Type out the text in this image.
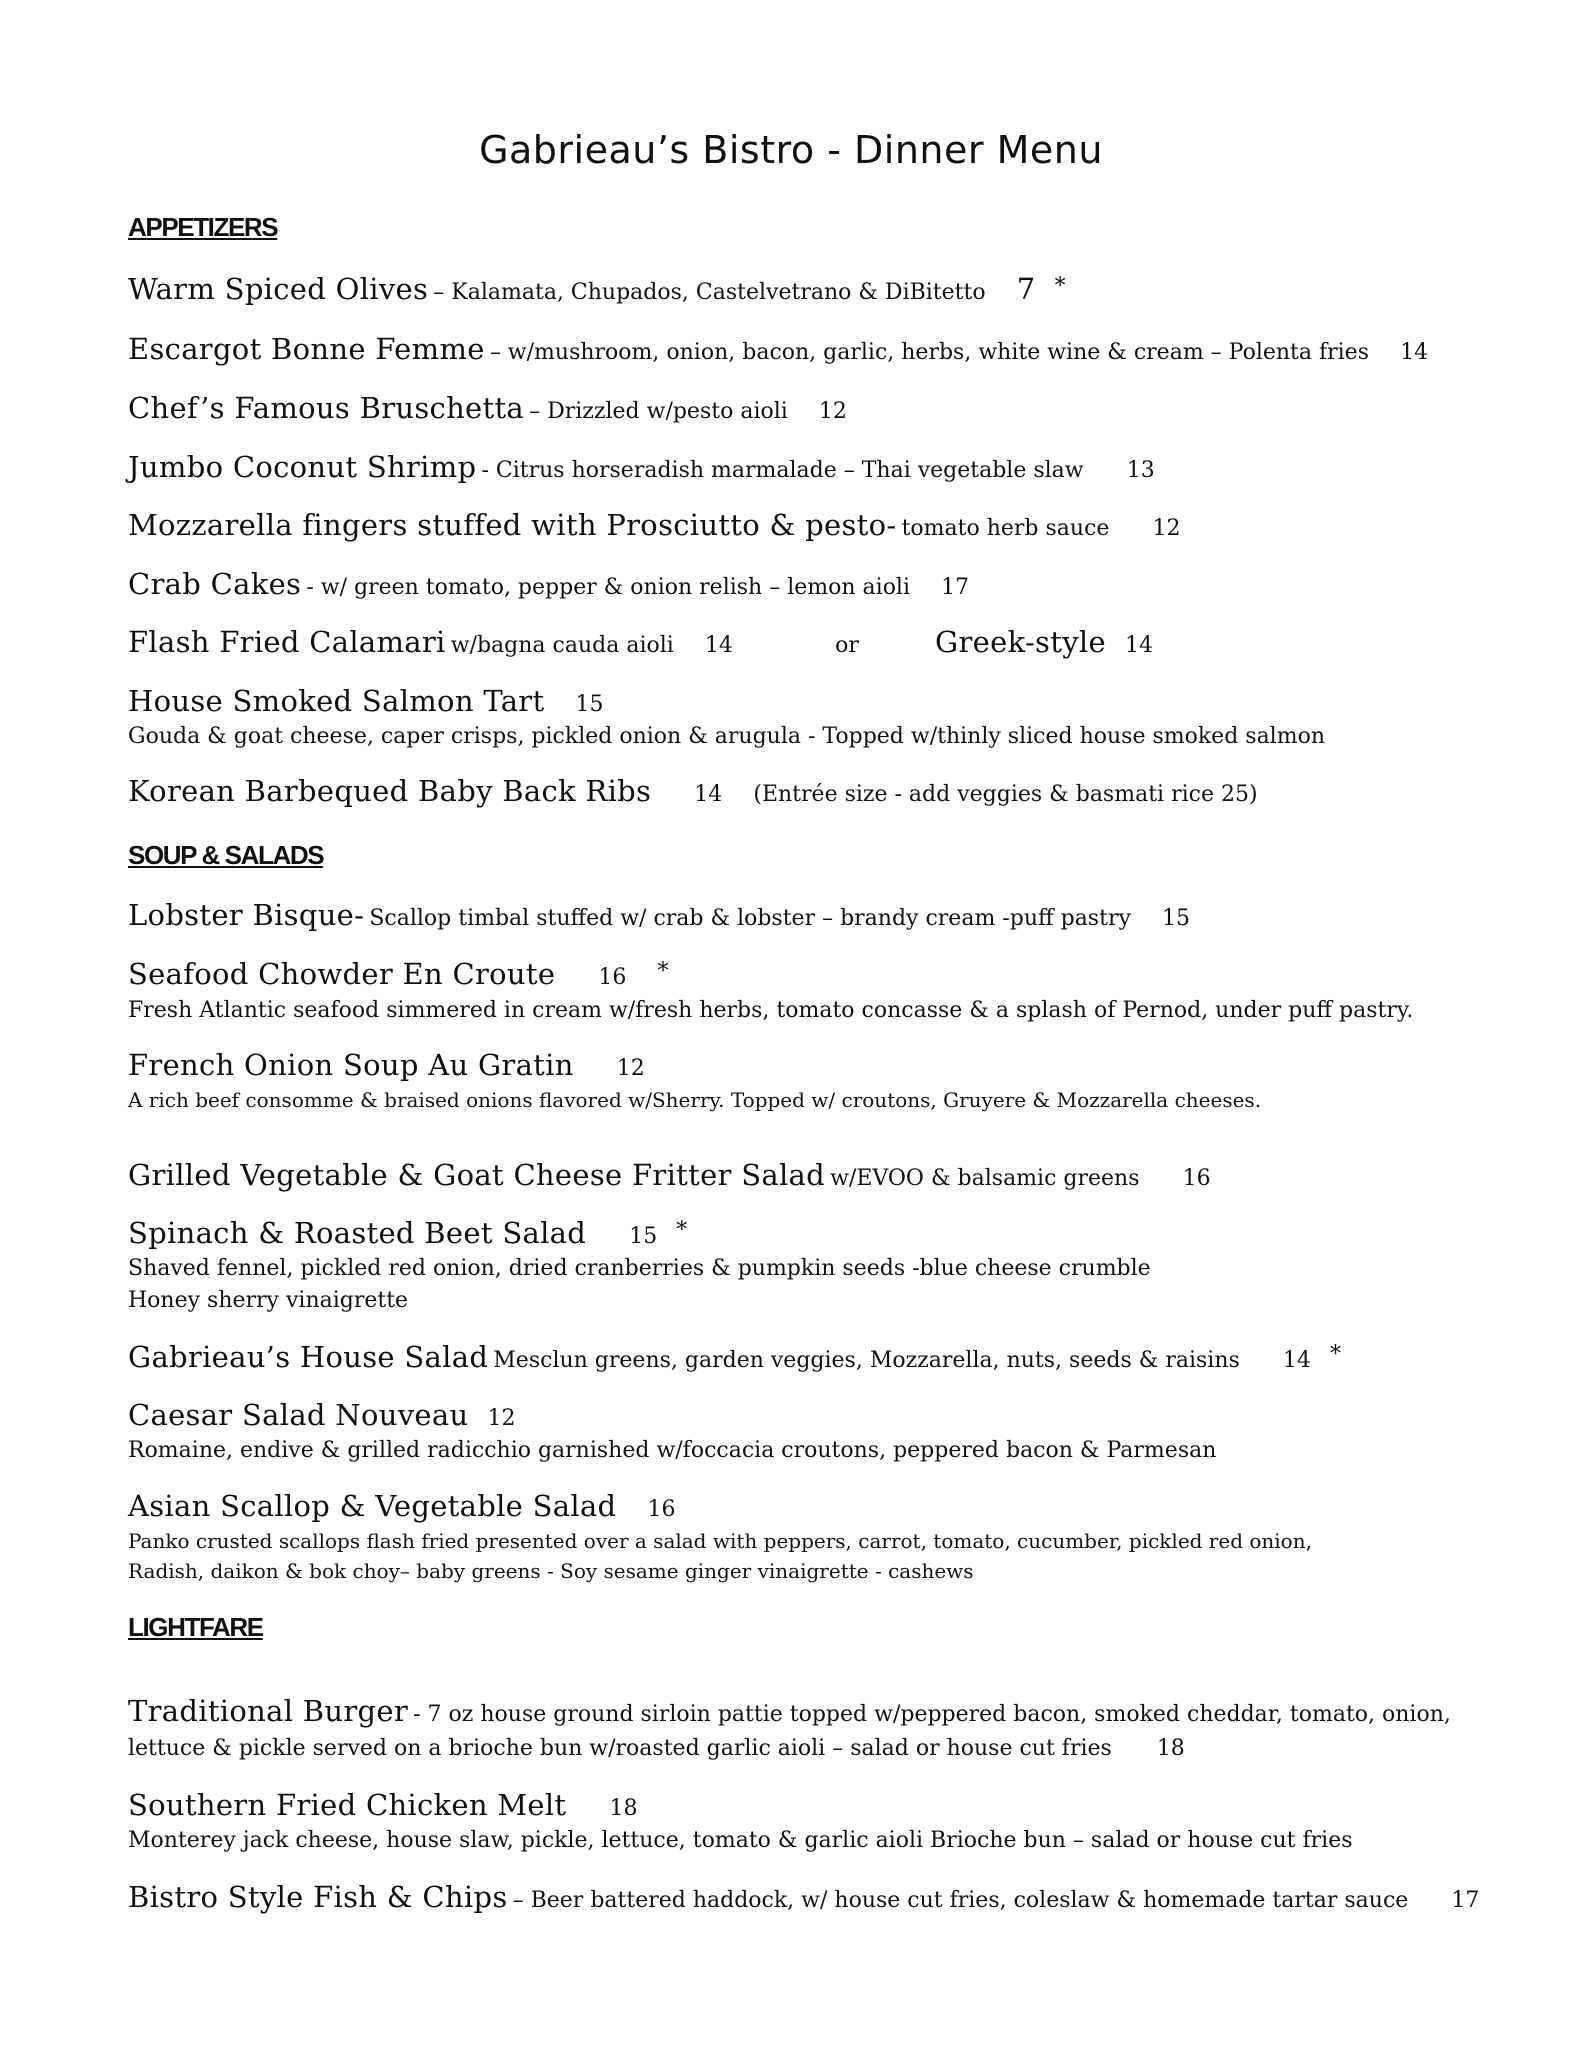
Gabrieau’s Bistro - Dinner Menu
APPETIZERS
Warm Spiced Olives – Kalamata, Chupados, Castelvetrano & DiBitetto 7 *
Escargot Bonne Femme – w/mushroom, onion, bacon, garlic, herbs, white wine & cream – Polenta fries 14
Chef’s Famous Bruschetta – Drizzled w/pesto aioli 12
Jumbo Coconut Shrimp - Citrus horseradish marmalade – Thai vegetable slaw 13
Mozzarella fingers stuffed with Prosciutto & pesto- tomato herb sauce 12
Crab Cakes - w/ green tomato, pepper & onion relish – lemon aioli 17
Flash Fried Calamari w/bagna cauda aioli 14	or	Greek-style 14
House Smoked Salmon Tart 15
Gouda & goat cheese, caper crisps, pickled onion & arugula - Topped w/thinly sliced house smoked salmon
Korean Barbequed Baby Back Ribs 14 (Entrée size - add veggies & basmati rice 25)
SOUP & SALADS
Lobster Bisque- Scallop timbal stuffed w/ crab & lobster – brandy cream -puff pastry 15
Seafood Chowder En Croute 16 *
Fresh Atlantic seafood simmered in cream w/fresh herbs, tomato concasse & a splash of Pernod, under puff pastry.
French Onion Soup Au Gratin 12
A rich beef consomme & braised onions flavored w/Sherry. Topped w/ croutons, Gruyere & Mozzarella cheeses.
Grilled Vegetable & Goat Cheese Fritter Salad w/EVOO & balsamic greens 16
Spinach & Roasted Beet Salad 15 *
Shaved fennel, pickled red onion, dried cranberries & pumpkin seeds -blue cheese crumble
Honey sherry vinaigrette
Gabrieau’s House Salad Mesclun greens, garden veggies, Mozzarella, nuts, seeds & raisins 14 *
Caesar Salad Nouveau 12
Romaine, endive & grilled radicchio garnished w/foccacia croutons, peppered bacon & Parmesan
Asian Scallop & Vegetable Salad 16
Panko crusted scallops flash fried presented over a salad with peppers, carrot, tomato, cucumber, pickled red onion,
Radish, daikon & bok choy– baby greens - Soy sesame ginger vinaigrette - cashews
LIGHTFARE
Traditional Burger - 7 oz house ground sirloin pattie topped w/peppered bacon, smoked cheddar, tomato, onion,
lettuce & pickle served on a brioche bun w/roasted garlic aioli – salad or house cut fries 18
Southern Fried Chicken Melt 18
Monterey jack cheese, house slaw, pickle, lettuce, tomato & garlic aioli Brioche bun – salad or house cut fries
Bistro Style Fish & Chips – Beer battered haddock, w/ house cut fries, coleslaw & homemade tartar sauce 17
